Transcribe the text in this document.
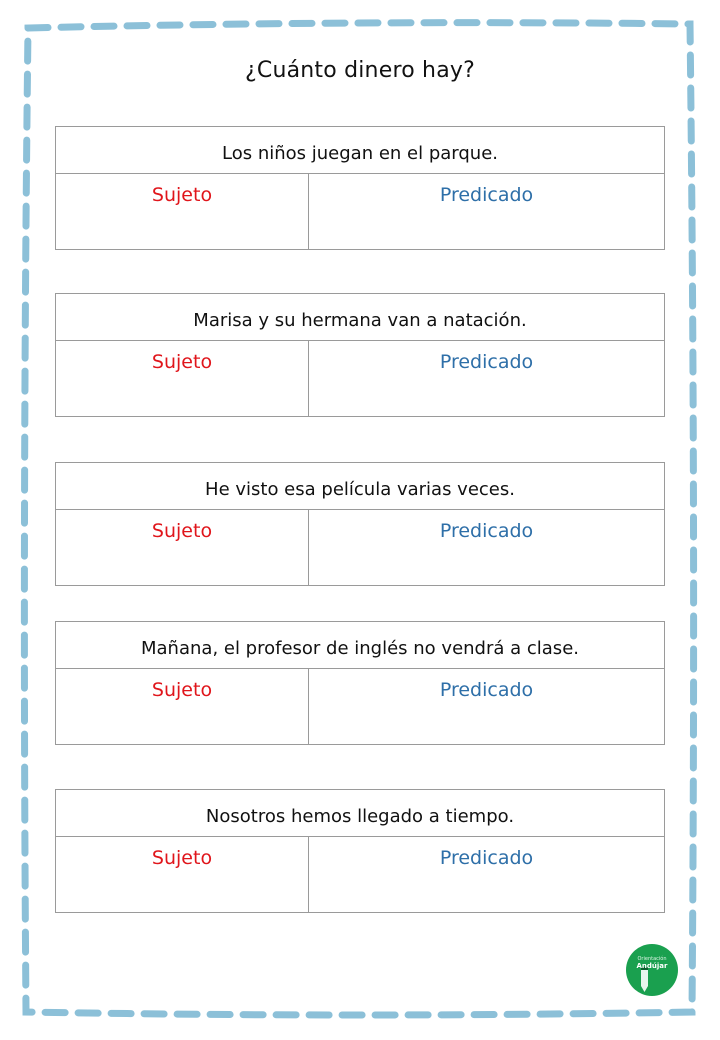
¿Cuánto dinero hay?
Los niños juegan en el parque.
Sujeto	Predicado
Marisa y su hermana van a natación.
Sujeto	Predicado
He visto esa película varias veces.
Sujeto	Predicado
Mañana, el profesor de inglés no vendrá a clase.
Sujeto	Predicado
Nosotros hemos llegado a tiempo.
Sujeto	Predicado
Orientación
Andújar
